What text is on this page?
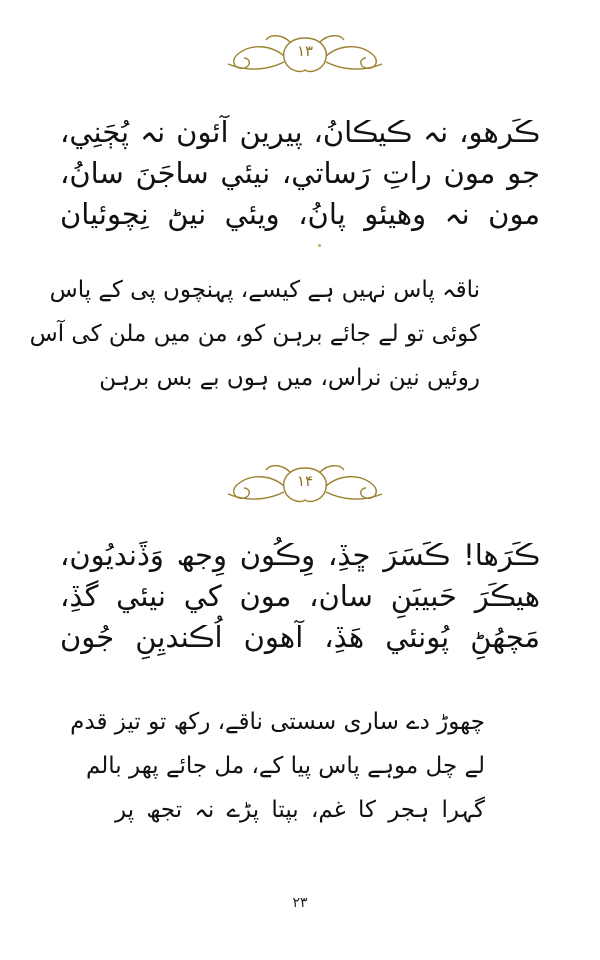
۱۳
ڪَرهو، نہ ڪيڪانُ، پيرين آئون نہ پُڄَنِي،
جو مون راتِ رَساتي، نيئي ساجَنَ سانُ،
مون نہ وهيئو پانُ، ويئي نيڻ نِچوئيان
ناقہ پاس نہیں ہے کیسے، پہنچوں پی کے پاس
کوئی تو لے جائے برہن کو، من میں ملن کی آس
روئیں نین نراس، میں ہوں بے بس برہن
۱۴
ڪَرَها! ڪَسَرَ ڇڏِ، وِڪُون وِجھ وَڏَنديُون،
هيڪَرَ حَبيبَنِ سان، مون کي نيئي گڏِ،
مَچھُڻِ پُونئي ھَڏِ، آھون اُڪنديِنِ جُون
چھوڑ دے ساری سستی ناقے، رکھ تو تیز قدم
لے چل موہے پاس پیا کے، مل جائے پھر بالم
گہرا ہجر کا غم، بپتا پڑے نہ تجھ پر
۲۳
